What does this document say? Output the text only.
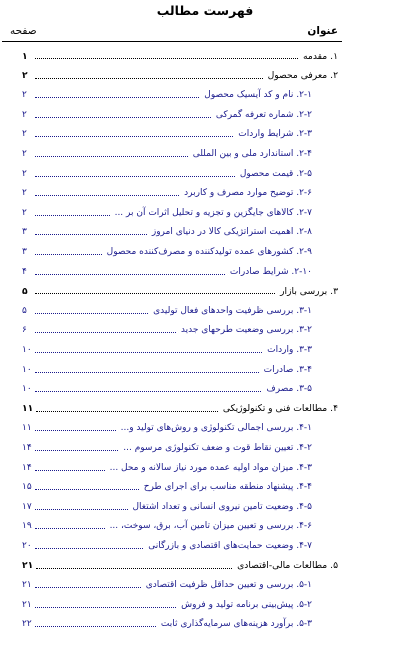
فهرست مطالب
عنوان
صفحه
۱. مقدمه
۱
۲. معرفی محصول
۲
۲-۱. نام و کد آیسیک محصول
۲
۲-۲. شماره تعرفه گمرکی
۲
۲-۳. شرایط واردات
۲
۲-۴. استاندارد ملی و بین المللی
۲
۲-۵. قیمت محصول
۲
۲-۶. توضیح موارد مصرف و کاربرد
۲
۲-۷. کالاهای جایگزین و تجزیه و تحلیل اثرات آن بر ...
۲
۲-۸. اهمیت استراتژیکی کالا در دنیای امروز
۳
۲-۹. کشورهای عمده تولیدکننده و مصرف‌کننده محصول
۳
۲-۱۰. شرایط صادرات
۴
۳. بررسی بازار
۵
۳-۱. بررسی ظرفیت واحدهای فعال تولیدی
۵
۳-۲. بررسی وضعیت طرحهای جدید
۶
۳-۳. واردات
۱۰
۳-۴. صادرات
۱۰
۳-۵. مصرف
۱۰
۴. مطالعات فنی و تکنولوژیکی
۱۱
۴-۱. بررسی اجمالی تکنولوژی و روش‌های تولید و...
۱۱
۴-۲. تعیین نقاط قوت و ضعف تکنولوژی مرسوم ...
۱۴
۴-۳. میزان مواد اولیه عمده مورد نیاز سالانه و محل ...
۱۴
۴-۴. پیشنهاد منطقه مناسب برای اجرای طرح
۱۵
۴-۵. وضعیت تامین نیروی انسانی و تعداد اشتغال
۱۷
۴-۶. بررسی و تعیین میزان تامین آب، برق، سوخت، ...
۱۹
۴-۷. وضعیت حمایت‌های اقتصادی و بازرگانی
۲۰
۵. مطالعات مالی-اقتصادی
۲۱
۵-۱. بررسی و تعیین حداقل ظرفیت اقتصادی
۲۱
۵-۲. پیش‌بینی برنامه تولید و فروش
۲۱
۵-۳. برآورد هزینه‌های سرمایه‌گذاری ثابت
۲۲
